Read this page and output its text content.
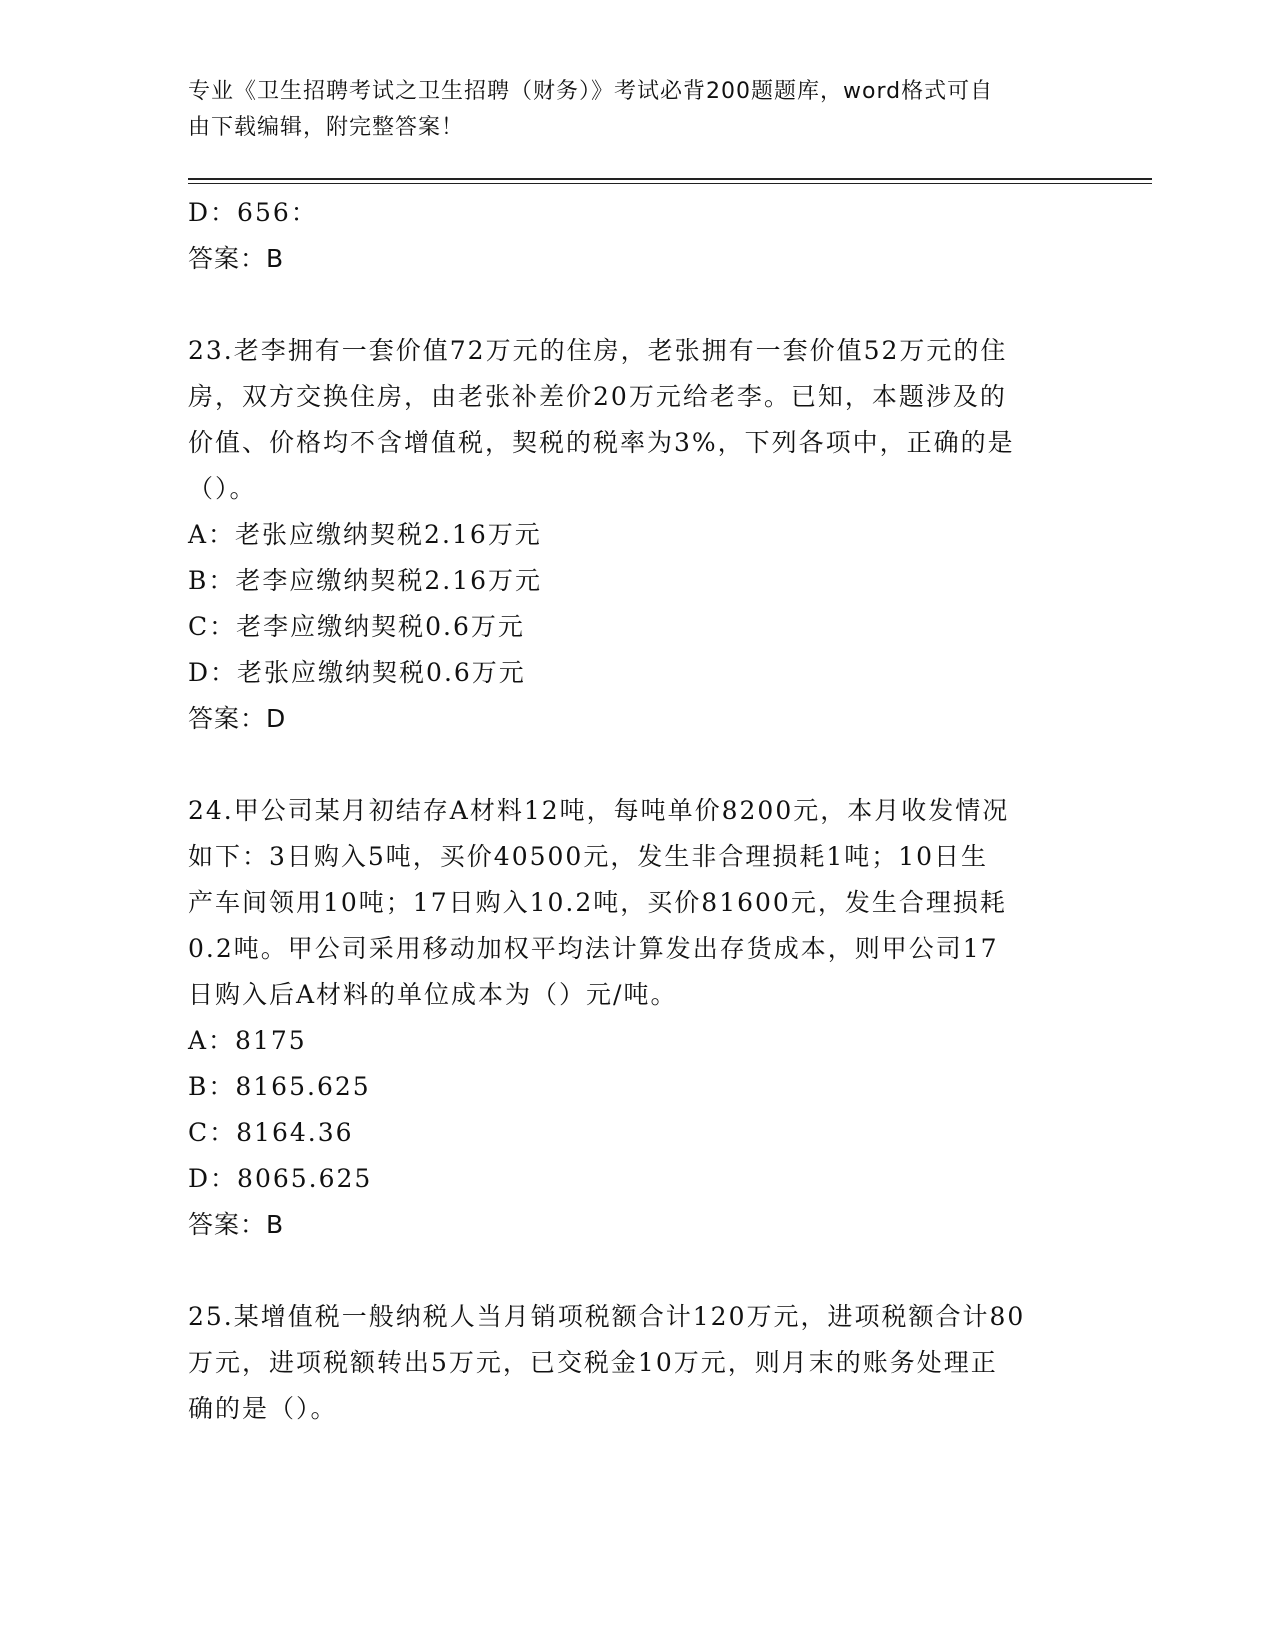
专业《卫生招聘考试之卫生招聘（财务）》考试必背200题题库，word格式可自
由下载编辑，附完整答案！
D：656：
答案：B
23.老李拥有一套价值72万元的住房，老张拥有一套价值52万元的住
房，双方交换住房，由老张补差价20万元给老李。已知，本题涉及的
价值、价格均不含增值税，契税的税率为3%，下列各项中，正确的是
（）。
A：老张应缴纳契税2.16万元
B：老李应缴纳契税2.16万元
C：老李应缴纳契税0.6万元
D：老张应缴纳契税0.6万元
答案：D
24.甲公司某月初结存A材料12吨，每吨单价8200元，本月收发情况
如下：3日购入5吨，买价40500元，发生非合理损耗1吨；10日生
产车间领用10吨；17日购入10.2吨，买价81600元，发生合理损耗
0.2吨。甲公司采用移动加权平均法计算发出存货成本，则甲公司17
日购入后A材料的单位成本为（）元/吨。
A：8175
B：8165.625
C：8164.36
D：8065.625
答案：B
25.某增值税一般纳税人当月销项税额合计120万元，进项税额合计80
万元，进项税额转出5万元，已交税金10万元，则月末的账务处理正
确的是（）。
